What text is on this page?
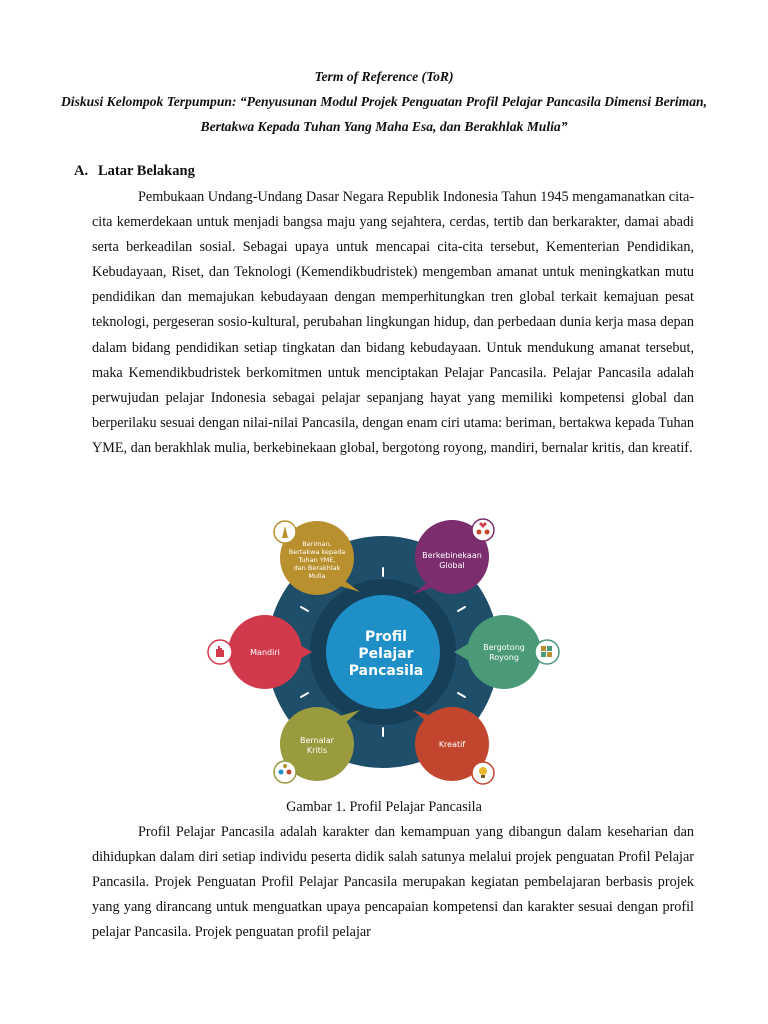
Term of Reference (ToR)
Diskusi Kelompok Terpumpun: “Penyusunan Modul Projek Penguatan Profil Pelajar Pancasila Dimensi Beriman, Bertakwa Kepada Tuhan Yang Maha Esa, dan Berakhlak Mulia”
A. Latar Belakang

Pembukaan Undang-Undang Dasar Negara Republik Indonesia Tahun 1945 mengamanatkan cita-cita kemerdekaan untuk menjadi bangsa maju yang sejahtera, cerdas, tertib dan berkarakter, damai abadi serta berkeadilan sosial. Sebagai upaya untuk mencapai cita-cita tersebut, Kementerian Pendidikan, Kebudayaan, Riset, dan Teknologi (Kemendikbudristek) mengemban amanat untuk meningkatkan mutu pendidikan dan memajukan kebudayaan dengan memperhitungkan tren global terkait kemajuan pesat teknologi, pergeseran sosio-kultural, perubahan lingkungan hidup, dan perbedaan dunia kerja masa depan dalam bidang pendidikan setiap tingkatan dan bidang kebudayaan. Untuk mendukung amanat tersebut, maka Kemendikbudristek berkomitmen untuk menciptakan Pelajar Pancasila. Pelajar Pancasila adalah perwujudan pelajar Indonesia sebagai pelajar sepanjang hayat yang memiliki kompetensi global dan berperilaku sesuai dengan nilai-nilai Pancasila, dengan enam ciri utama: beriman, bertakwa kepada Tuhan YME, dan berakhlak mulia, berkebinekaan global, bergotong royong, mandiri, bernalar kritis, dan kreatif.

Profil
Pelajar
Pancasila
Beriman,
Bertakwa kepada
Tuhan YME,
dan Berakhlak
Mulia
Berkebinekaan
Global
Bergotong
Royong
Kreatif
Bernalar
Kritis
Mandiri
Gambar 1. Profil Pelajar Pancasila

Profil Pelajar Pancasila adalah karakter dan kemampuan yang dibangun dalam keseharian dan dihidupkan dalam diri setiap individu peserta didik salah satunya melalui projek penguatan Profil Pelajar Pancasila. Projek Penguatan Profil Pelajar Pancasila merupakan kegiatan pembelajaran berbasis projek yang yang dirancang untuk menguatkan upaya pencapaian kompetensi dan karakter sesuai dengan profil pelajar Pancasila. Projek penguatan profil pelajar
